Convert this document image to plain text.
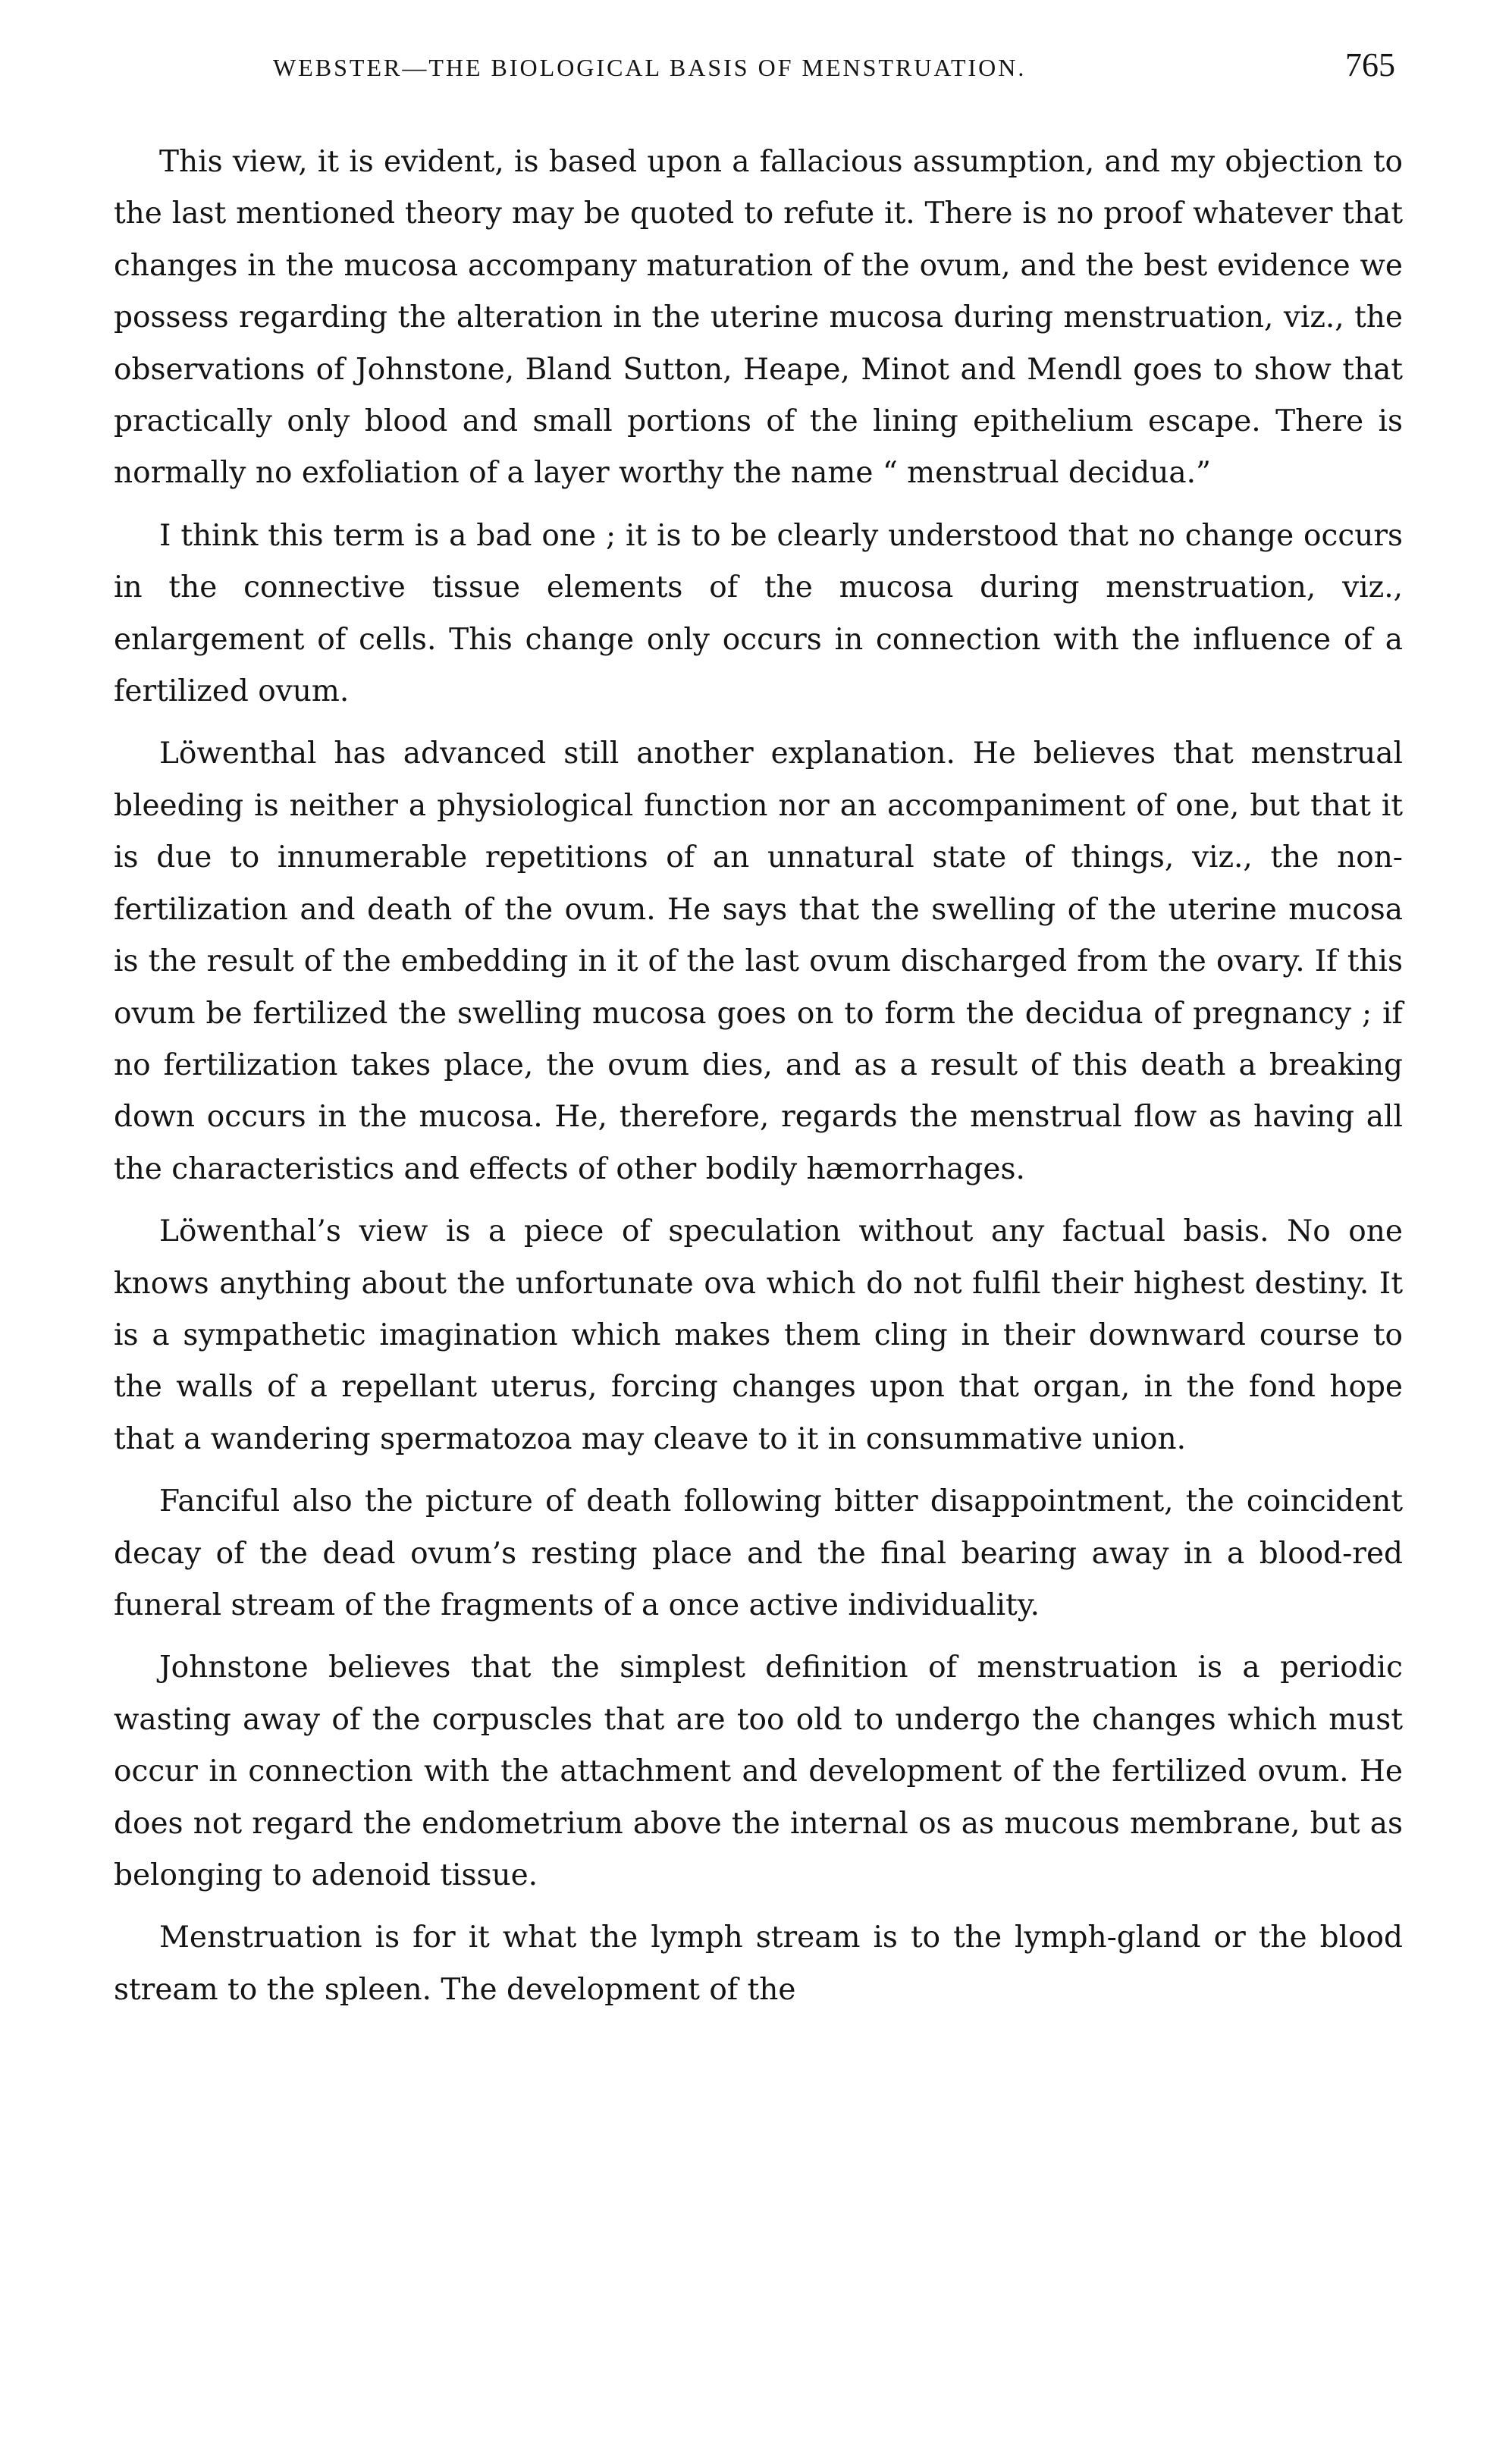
WEBSTER—THE BIOLOGICAL BASIS OF MENSTRUATION.	765

This view, it is evident, is based upon a fallacious assumption, and my objection to the last mentioned theory may be quoted to refute it. There is no proof whatever that changes in the mucosa accompany maturation of the ovum, and the best evidence we possess regarding the alteration in the uterine mucosa during menstruation, viz., the observations of Johnstone, Bland Sutton, Heape, Minot and Mendl goes to show that practically only blood and small portions of the lining epithelium escape. There is normally no exfoliation of a layer worthy the name “ menstrual decidua.”

I think this term is a bad one ; it is to be clearly understood that no change occurs in the connective tissue elements of the mucosa during menstruation, viz., enlargement of cells. This change only occurs in connection with the influence of a fertilized ovum.

Löwenthal has advanced still another explanation. He believes that menstrual bleeding is neither a physiological function nor an accompaniment of one, but that it is due to innumerable repetitions of an unnatural state of things, viz., the non-fertilization and death of the ovum. He says that the swelling of the uterine mucosa is the result of the embedding in it of the last ovum discharged from the ovary. If this ovum be fertilized the swelling mucosa goes on to form the decidua of pregnancy ; if no fertilization takes place, the ovum dies, and as a result of this death a breaking down occurs in the mucosa. He, therefore, regards the menstrual flow as having all the characteristics and effects of other bodily hæmorrhages.

Löwenthal’s view is a piece of speculation without any factual basis. No one knows anything about the unfortunate ova which do not fulfil their highest destiny. It is a sympathetic imagination which makes them cling in their downward course to the walls of a repellant uterus, forcing changes upon that organ, in the fond hope that a wandering spermatozoa may cleave to it in consummative union.

Fanciful also the picture of death following bitter disappointment, the coincident decay of the dead ovum’s resting place and the final bearing away in a blood-red funeral stream of the fragments of a once active individuality.

Johnstone believes that the simplest definition of menstruation is a periodic wasting away of the corpuscles that are too old to undergo the changes which must occur in connection with the attachment and development of the fertilized ovum. He does not regard the endometrium above the internal os as mucous membrane, but as belonging to adenoid tissue.

Menstruation is for it what the lymph stream is to the lymph-gland or the blood stream to the spleen. The development of the
